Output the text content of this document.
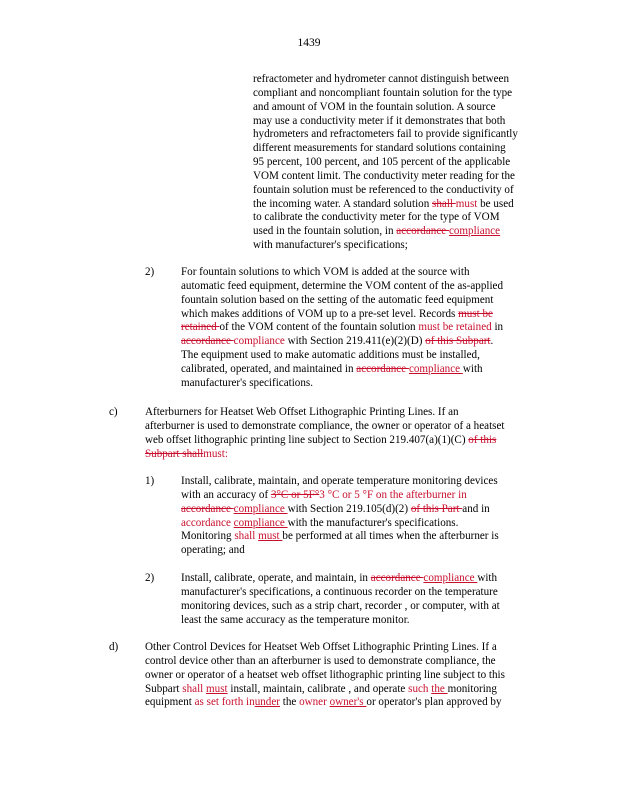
1439
refractometer and hydrometer cannot distinguish between
compliant and noncompliant fountain solution for the type
and amount of VOM in the fountain solution. A source
may use a conductivity meter if it demonstrates that both
hydrometers and refractometers fail to provide significantly
different measurements for standard solutions containing
95 percent, 100 percent, and 105 percent of the applicable
VOM content limit. The conductivity meter reading for the
fountain solution must be referenced to the conductivity of
the incoming water. A standard solution shall must be used
to calibrate the conductivity meter for the type of VOM
used in the fountain solution, in accordance compliance
with manufacturer's specifications;
2) For fountain solutions to which VOM is added at the source with
automatic feed equipment, determine the VOM content of the as-applied
fountain solution based on the setting of the automatic feed equipment
which makes additions of VOM up to a pre-set level. Records must be
retained of the VOM content of the fountain solution must be retained in
accordance compliance with Section 219.411(e)(2)(D) of this Subpart.
The equipment used to make automatic additions must be installed,
calibrated, operated, and maintained in accordance compliance with
manufacturer's specifications.
c) Afterburners for Heatset Web Offset Lithographic Printing Lines. If an
afterburner is used to demonstrate compliance, the owner or operator of a heatset
web offset lithographic printing line subject to Section 219.407(a)(1)(C) of this
Subpart shallmust:
1) Install, calibrate, maintain, and operate temperature monitoring devices
with an accuracy of 3°C or 5F°3 °C or 5 °F on the afterburner in
accordance compliance with Section 219.105(d)(2) of this Part and in
accordance compliance with the manufacturer's specifications.
Monitoring shall must be performed at all times when the afterburner is
operating; and
2) Install, calibrate, operate, and maintain, in accordance compliance with
manufacturer's specifications, a continuous recorder on the temperature
monitoring devices, such as a strip chart, recorder , or computer, with at
least the same accuracy as the temperature monitor.
d) Other Control Devices for Heatset Web Offset Lithographic Printing Lines. If a
control device other than an afterburner is used to demonstrate compliance, the
owner or operator of a heatset web offset lithographic printing line subject to this
Subpart shall must install, maintain, calibrate , and operate such the monitoring
equipment as set forth inunder the owner owner's or operator's plan approved by
